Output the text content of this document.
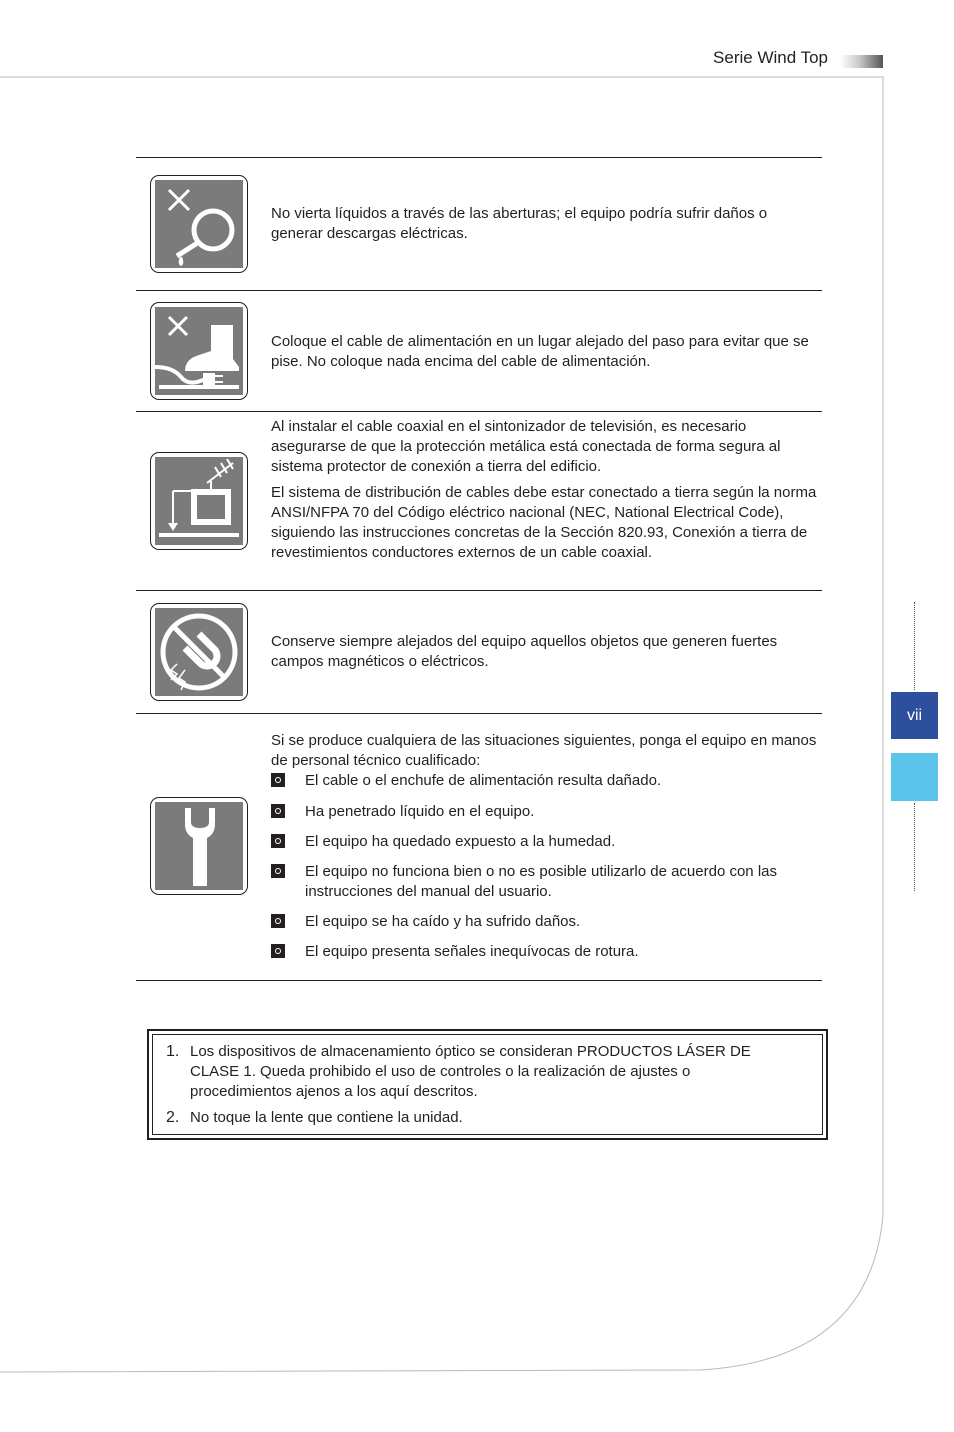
Serie Wind Top
vii

No vierta líquidos a través de las aberturas; el equipo podría sufrir daños o generar descargas eléctricas.

Coloque el cable de alimentación en un lugar alejado del paso para evitar que se pise. No coloque nada encima del cable de alimentación.

Al instalar el cable coaxial en el sintonizador de televisión, es necesario asegurarse de que la protección metálica está conectada de forma segura al sistema protector de conexión a tierra del edificio.

El sistema de distribución de cables debe estar conectado a tierra según la norma ANSI/NFPA 70 del Código eléctrico nacional (NEC, National Electrical Code), siguiendo las instrucciones concretas de la Sección 820.93, Conexión a tierra de revestimientos conductores externos de un cable coaxial.

Conserve siempre alejados del equipo aquellos objetos que generen fuertes campos magnéticos o eléctricos.

Si se produce cualquiera de las situaciones siguientes, ponga el equipo en manos de personal técnico cualificado:

El cable o el enchufe de alimentación resulta dañado.
Ha penetrado líquido en el equipo.
El equipo ha quedado expuesto a la humedad.
El equipo no funciona bien o no es posible utilizarlo de acuerdo con las instrucciones del manual del usuario.
El equipo se ha caído y ha sufrido daños.
El equipo presenta señales inequívocas de rotura.
1. Los dispositivos de almacenamiento óptico se consideran PRODUCTOS LÁSER DE CLASE 1. Queda prohibido el uso de controles o la realización de ajustes o procedimientos ajenos a los aquí descritos.
2. No toque la lente que contiene la unidad.
